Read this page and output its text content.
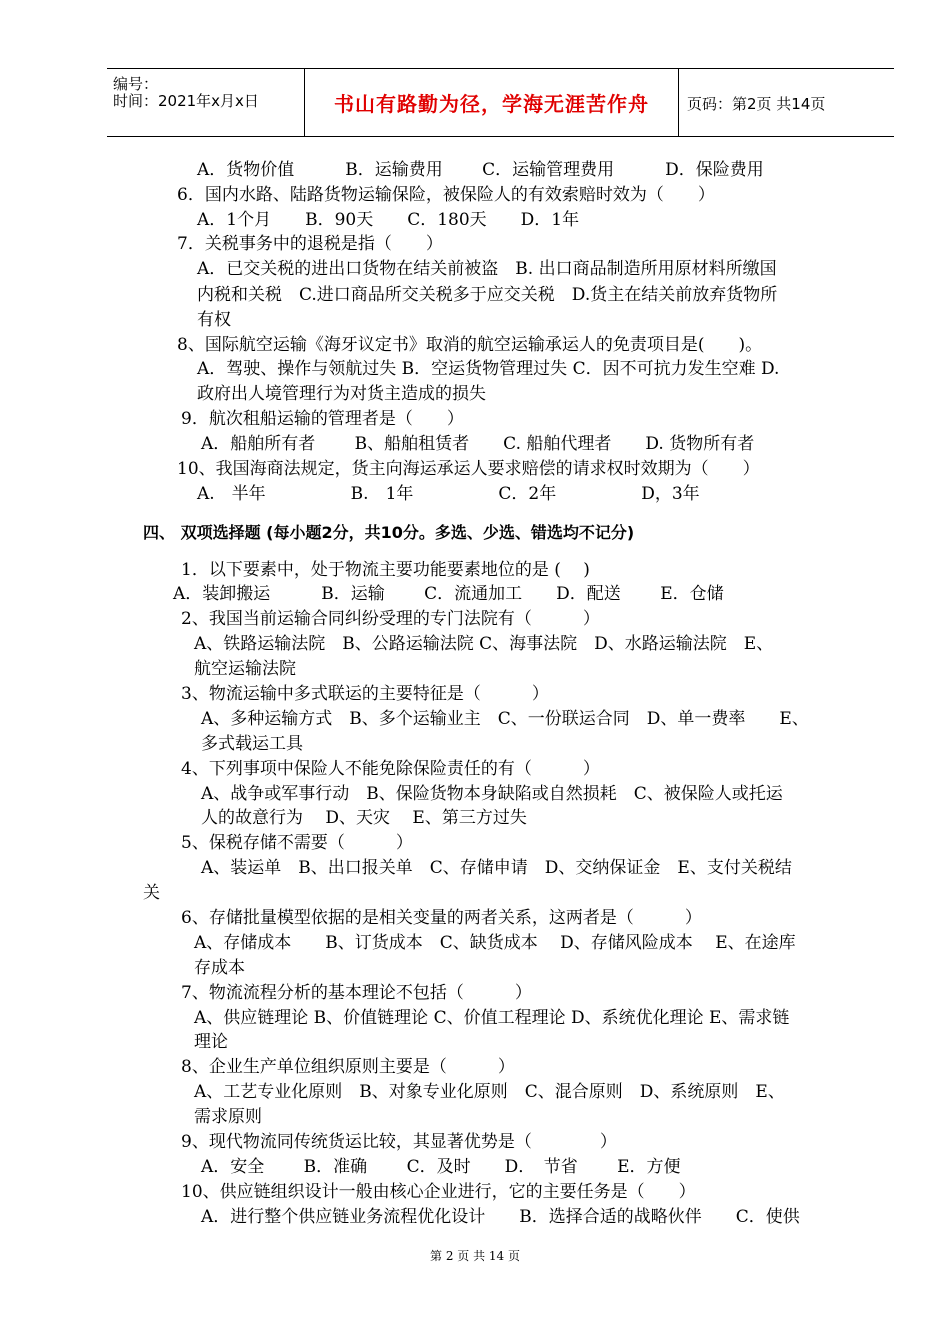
编号：
时间：2021年x月x日	书山有路勤为径，学海无涯苦作舟	页码：第2页 共14页
A．货物价值　　　B．运输费用　　 C．运输管理费用　　　D．保险费用
6．国内水路、陆路货物运输保险，被保险人的有效索赔时效为（　　）
A．1个月　　B．90天　　C．180天　　D．1年
7．关税事务中的退税是指（　　）
A．已交关税的进出口货物在结关前被盗　B. 出口商品制造所用原材料所缴国
内税和关税　C.进口商品所交关税多于应交关税　D.货主在结关前放弃货物所
有权
8、国际航空运输《海牙议定书》取消的航空运输承运人的免责项目是(　　)。
A．驾驶、操作与领航过失 B．空运货物管理过失 C．因不可抗力发生空难 D.
政府出人境管理行为对货主造成的损失
9．航次租船运输的管理者是（　　）
A．船舶所有者　　 B、船舶租赁者　　C. 船舶代理者　　D. 货物所有者
10、我国海商法规定，货主向海运承运人要求赔偿的请求权时效期为（　　）
A.　半年　　　　　B.　1年　　　　　C．2年　　　　　D，3年
四、 双项选择题 (每小题2分，共10分。多选、少选、错选均不记分)
1．以下要素中，处于物流主要功能要素地位的是 (　 )
A．装卸搬运　　　B．运输　　 C．流通加工　　D．配送　　 E．仓储
2、我国当前运输合同纠纷受理的专门法院有（　　　）
A、铁路运输法院　B、公路运输法院 C、海事法院　D、水路运输法院　E、
航空运输法院
3、物流运输中多式联运的主要特征是（　　　）
A、多种运输方式　B、多个运输业主　C、一份联运合同　D、单一费率　　E、
多式载运工具
4、下列事项中保险人不能免除保险责任的有（　　　）
A、战争或军事行动　B、保险货物本身缺陷或自然损耗　C、被保险人或托运
人的故意行为　 D、天灾　 E、第三方过失
5、保税存储不需要（　　　）
A、装运单　B、出口报关单　C、存储申请　D、交纳保证金　E、支付关税结
关
6、存储批量模型依据的是相关变量的两者关系，这两者是（　　　）
A、存储成本　　B、订货成本　C、缺货成本　 D、存储风险成本　 E、在途库
存成本
7、物流流程分析的基本理论不包括（　　　）
A、供应链理论 B、价值链理论 C、价值工程理论 D、系统优化理论 E、需求链
理论
8、企业生产单位组织原则主要是（　　　）
A、工艺专业化原则　B、对象专业化原则　C、混合原则　D、系统原则　E、
需求原则
9、现代物流同传统货运比较，其显著优势是（　　　　）
A．安全　　 B．准确　　 C．及时　　D．　节省　　 E．方便
10、供应链组织设计一般由核心企业进行，它的主要任务是（　　）
A．进行整个供应链业务流程优化设计　　B．选择合适的战略伙伴　　C．使供
第 2 页 共 14 页
